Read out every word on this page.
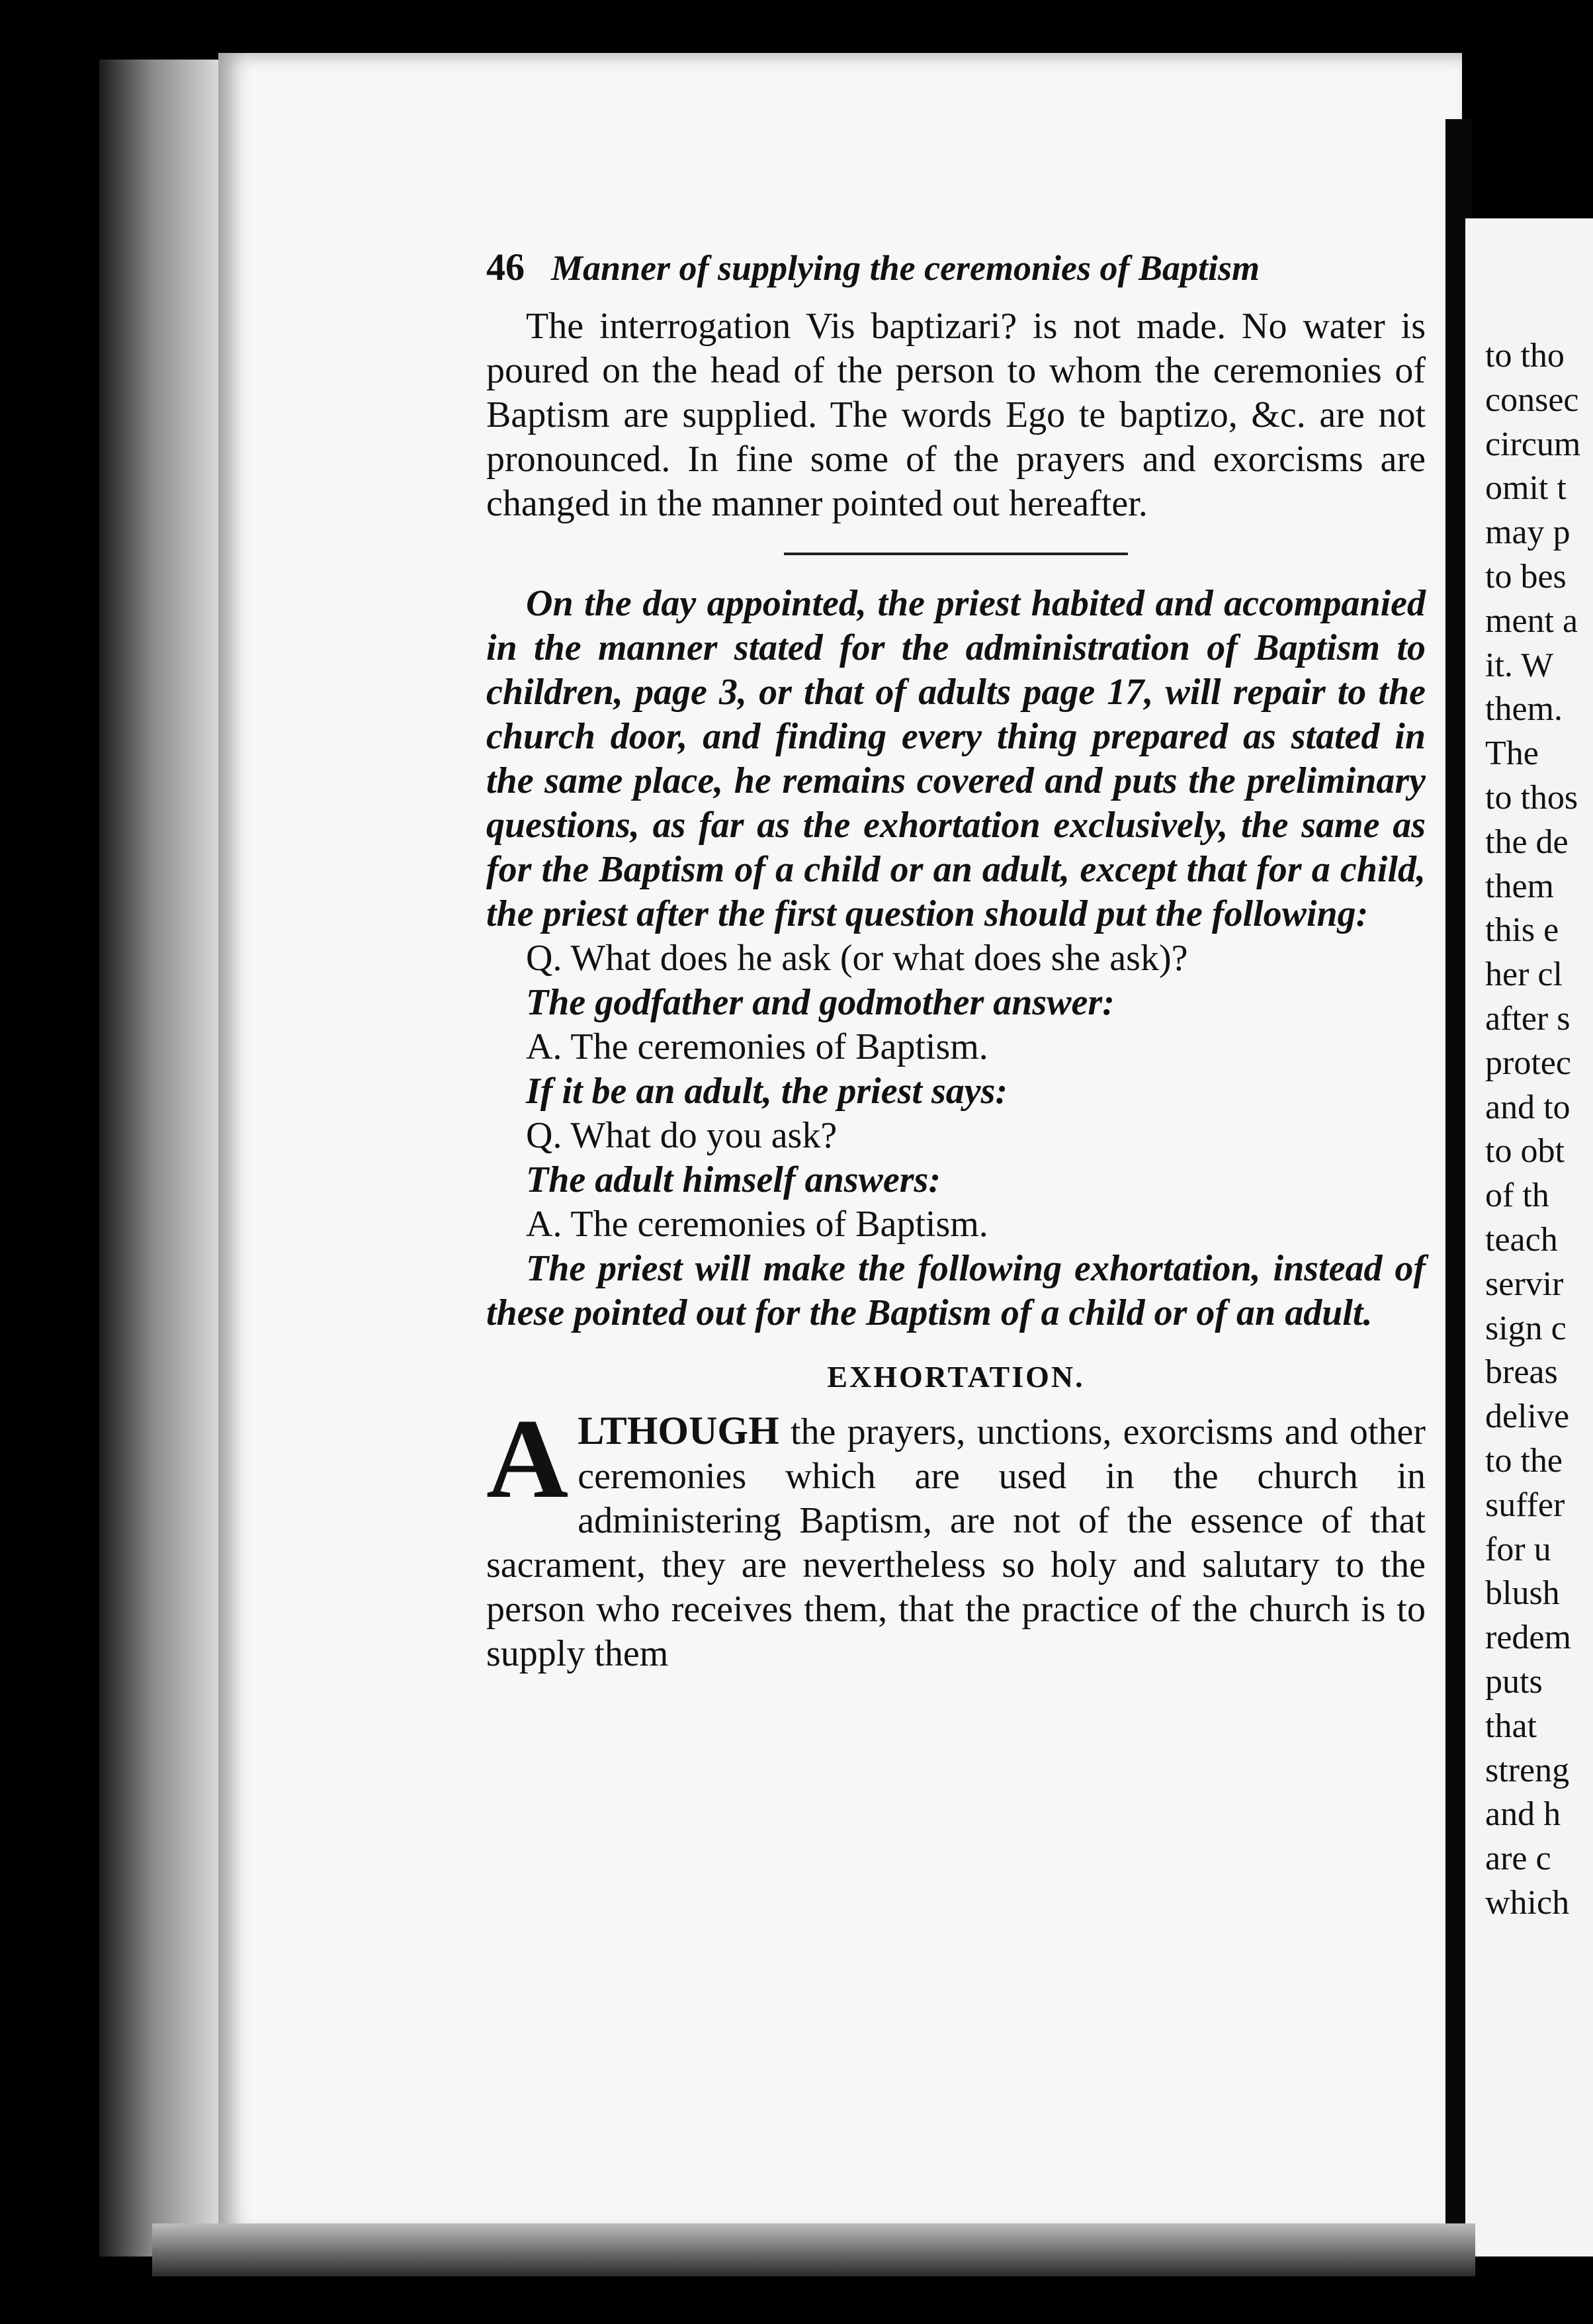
to tho
consec
circum
omit t
may p
to bes
ment a
it. W
them.
The
to thos
the de
them
this e
her cl
after s
protec
and to
to obt
of th
teach
servir
sign c
breas
delive
to the
suffer
for u
blush
redem
puts
that
streng
and h
are c
which
46 Manner of supplying the ceremonies of Baptism

The interrogation Vis baptizari? is not made. No water is poured on the head of the person to whom the ceremonies of Baptism are supplied. The words Ego te baptizo, &c. are not pronounced. In fine some of the prayers and exorcisms are changed in the manner pointed out hereafter.

On the day appointed, the priest habited and accompanied in the manner stated for the administration of Baptism to children, page 3, or that of adults page 17, will repair to the church door, and finding every thing prepared as stated in the same place, he remains covered and puts the preliminary questions, as far as the exhortation exclusively, the same as for the Baptism of a child or an adult, except that for a child, the priest after the first question should put the following:

Q. What does he ask (or what does she ask)?

The godfather and godmother answer:

A. The ceremonies of Baptism.

If it be an adult, the priest says:

Q. What do you ask?

The adult himself answers:

A. The ceremonies of Baptism.

The priest will make the following exhortation, instead of these pointed out for the Baptism of a child or of an adult.

EXHORTATION.

ALTHOUGH the prayers, unctions, exorcisms and other ceremonies which are used in the church in administering Baptism, are not of the essence of that sacrament, they are nevertheless so holy and salutary to the person who receives them, that the practice of the church is to supply them
